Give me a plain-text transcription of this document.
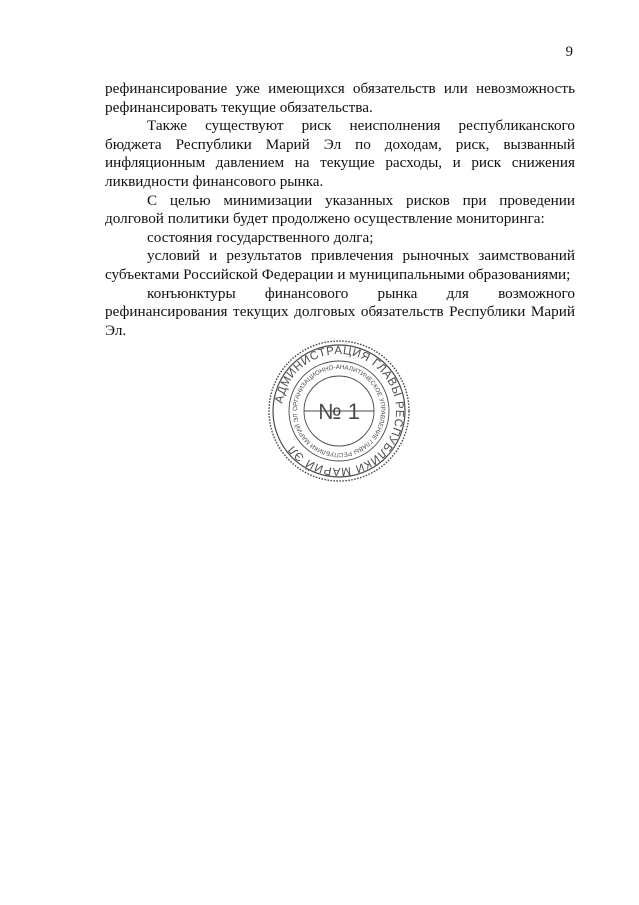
9

рефинансирование уже имеющихся обязательств или невозможность рефинансировать текущие обязательства.

Также существуют риск неисполнения республиканского бюджета Республики Марий Эл по доходам, риск, вызванный инфляционным давлением на текущие расходы, и риск снижения ликвидности финансового рынка.

С целью минимизации указанных рисков при проведении долговой политики будет продолжено осуществление мониторинга:

состояния государственного долга;

условий и результатов привлечения рыночных заимствований субъектами Российской Федерации и муниципальными образованиями;

конъюнктуры финансового рынка для возможного рефинансирования текущих долговых обязательств Республики Марий Эл.

АДМИНИСТРАЦИЯ ГЛАВЫ РЕСПУБЛИКИ МАРИЙ ЭЛ
ОРГАНИЗАЦИОННО-АНАЛИТИЧЕСКОЕ УПРАВЛЕНИЕ ГЛАВЫ РЕСПУБЛИКИ МАРИЙ ЭЛ № 1
